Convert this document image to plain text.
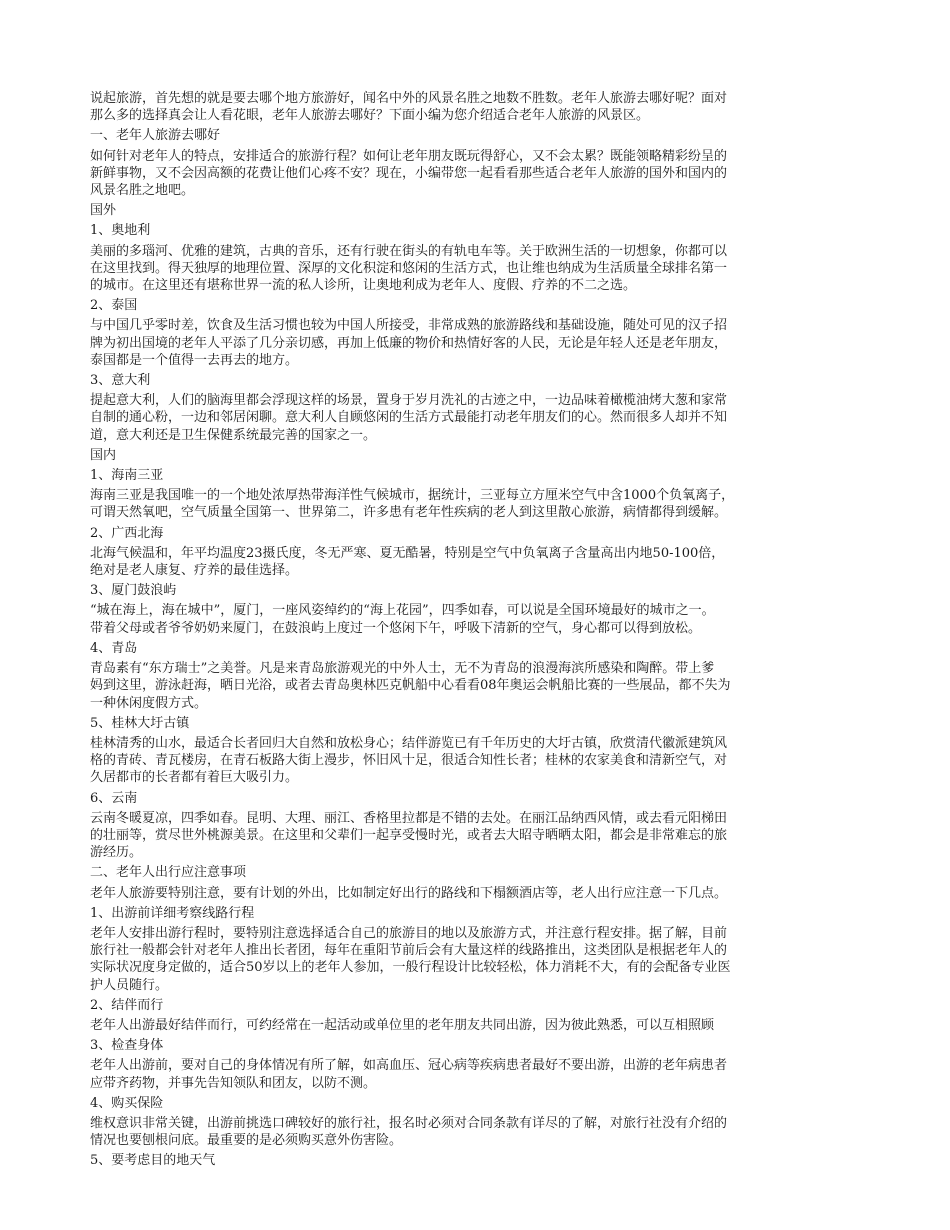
说起旅游，首先想的就是要去哪个地方旅游好，闻名中外的风景名胜之地数不胜数。老年人旅游去哪好呢？面对
那么多的选择真会让人看花眼，老年人旅游去哪好？下面小编为您介绍适合老年人旅游的风景区。
一、老年人旅游去哪好
如何针对老年人的特点，安排适合的旅游行程？如何让老年朋友既玩得舒心，又不会太累？既能领略精彩纷呈的
新鲜事物，又不会因高额的花费让他们心疼不安？现在，小编带您一起看看那些适合老年人旅游的国外和国内的
风景名胜之地吧。
国外
1、奥地利
美丽的多瑙河、优雅的建筑，古典的音乐，还有行驶在街头的有轨电车等。关于欧洲生活的一切想象，你都可以
在这里找到。得天独厚的地理位置、深厚的文化积淀和悠闲的生活方式，也让维也纳成为生活质量全球排名第一
的城市。在这里还有堪称世界一流的私人诊所，让奥地利成为老年人、度假、疗养的不二之选。
2、泰国
与中国几乎零时差，饮食及生活习惯也较为中国人所接受，非常成熟的旅游路线和基础设施，随处可见的汉子招
牌为初出国境的老年人平添了几分亲切感，再加上低廉的物价和热情好客的人民，无论是年轻人还是老年朋友，
泰国都是一个值得一去再去的地方。
3、意大利
提起意大利，人们的脑海里都会浮现这样的场景，置身于岁月洗礼的古迹之中，一边品味着橄榄油烤大葱和家常
自制的通心粉，一边和邻居闲聊。意大利人自顾悠闲的生活方式最能打动老年朋友们的心。然而很多人却并不知
道，意大利还是卫生保健系统最完善的国家之一。
国内
1、海南三亚
海南三亚是我国唯一的一个地处浓厚热带海洋性气候城市，据统计，三亚每立方厘米空气中含1000个负氧离子，
可谓天然氧吧，空气质量全国第一、世界第二，许多患有老年性疾病的老人到这里散心旅游，病情都得到缓解。
2、广西北海
北海气候温和，年平均温度23摄氏度，冬无严寒、夏无酷暑，特别是空气中负氧离子含量高出内地50-100倍，
绝对是老人康复、疗养的最佳选择。
3、厦门鼓浪屿
“城在海上，海在城中”，厦门，一座风姿绰约的“海上花园”，四季如春，可以说是全国环境最好的城市之一。
带着父母或者爷爷奶奶来厦门，在鼓浪屿上度过一个悠闲下午，呼吸下清新的空气，身心都可以得到放松。
4、青岛
青岛素有“东方瑞士”之美誉。凡是来青岛旅游观光的中外人士，无不为青岛的浪漫海滨所感染和陶醉。带上爹
妈到这里，游泳赶海，晒日光浴，或者去青岛奥林匹克帆船中心看看08年奥运会帆船比赛的一些展品，都不失为
一种休闲度假方式。
5、桂林大圩古镇
桂林清秀的山水，最适合长者回归大自然和放松身心；结伴游览已有千年历史的大圩古镇，欣赏清代徽派建筑风
格的青砖、青瓦楼房，在青石板路大街上漫步，怀旧风十足，很适合知性长者；桂林的农家美食和清新空气，对
久居都市的长者都有着巨大吸引力。
6、云南
云南冬暖夏凉，四季如春。昆明、大理、丽江、香格里拉都是不错的去处。在丽江品纳西风情，或去看元阳梯田
的壮丽等，赏尽世外桃源美景。在这里和父辈们一起享受慢时光，或者去大昭寺晒晒太阳，都会是非常难忘的旅
游经历。
二、老年人出行应注意事项
老年人旅游要特别注意，要有计划的外出，比如制定好出行的路线和下榻额酒店等，老人出行应注意一下几点。
1、出游前详细考察线路行程
老年人安排出游行程时，要特别注意选择适合自己的旅游目的地以及旅游方式，并注意行程安排。据了解，目前
旅行社一般都会针对老年人推出长者团，每年在重阳节前后会有大量这样的线路推出，这类团队是根据老年人的
实际状况度身定做的，适合50岁以上的老年人参加，一般行程设计比较轻松，体力消耗不大，有的会配备专业医
护人员随行。
2、结伴而行
老年人出游最好结伴而行，可约经常在一起活动或单位里的老年朋友共同出游，因为彼此熟悉，可以互相照顾
3、检查身体
老年人出游前，要对自己的身体情况有所了解，如高血压、冠心病等疾病患者最好不要出游，出游的老年病患者
应带齐药物，并事先告知领队和团友，以防不测。
4、购买保险
维权意识非常关键，出游前挑选口碑较好的旅行社，报名时必须对合同条款有详尽的了解，对旅行社没有介绍的
情况也要刨根问底。最重要的是必须购买意外伤害险。
5、要考虑目的地天气
